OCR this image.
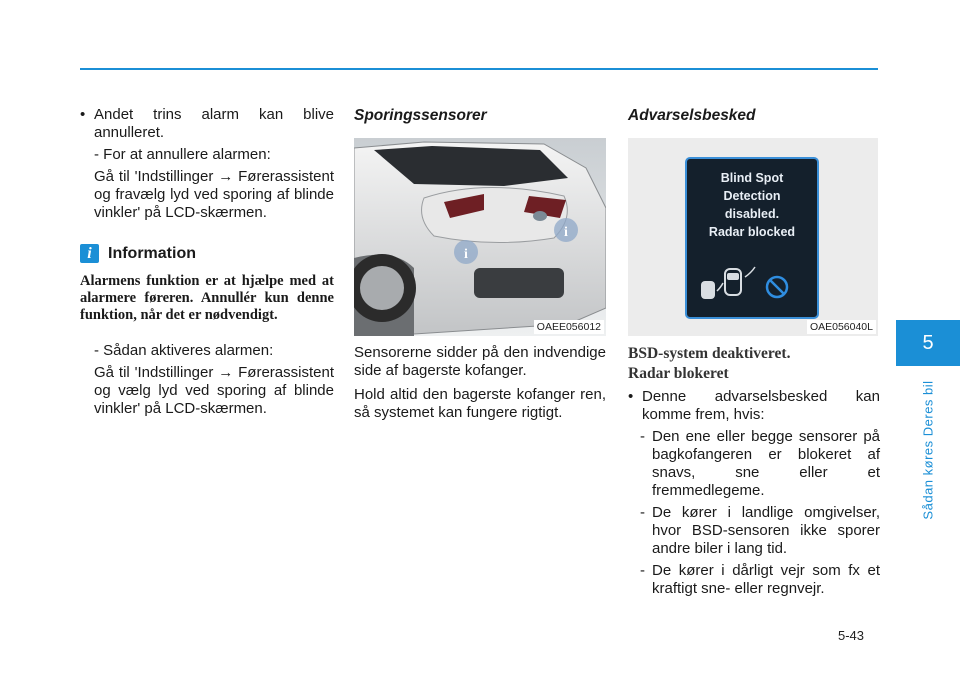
• Andet trins alarm kan blive annulleret.
- For at annullere alarmen:
Gå til 'Indstillinger → Førerassistent og fravælg lyd ved sporing af blinde vinkler' på LCD-skærmen.
i	Information
Alarmens funktion er at hjælpe med at alarmere føreren. Annullér kun denne funktion, når det er nødvendigt.
- Sådan aktiveres alarmen:
Gå til 'Indstillinger → Førerassistent og vælg lyd ved sporing af blinde vinkler' på LCD-skærmen.
Sporingssensorer
i
i
OAEE056012
Sensorerne sidder på den indvendige side af bagerste kofanger.
Hold altid den bagerste kofanger ren, så systemet kan fungere rigtigt.
Advarselsbesked
Blind Spot
Detection
disabled.
Radar blocked
OAE056040L
BSD-system deaktiveret.
Radar blokeret
• Denne advarselsbesked kan komme frem, hvis:
- Den ene eller begge sensorer på bagkofangeren er blokeret af snavs, sne eller et fremmedlegeme.
- De kører i landlige omgivelser, hvor BSD-sensoren ikke sporer andre biler i lang tid.
- De kører i dårligt vejr som fx et kraftigt sne- eller regnvejr.
5
Sådan køres Deres bil
5-43
